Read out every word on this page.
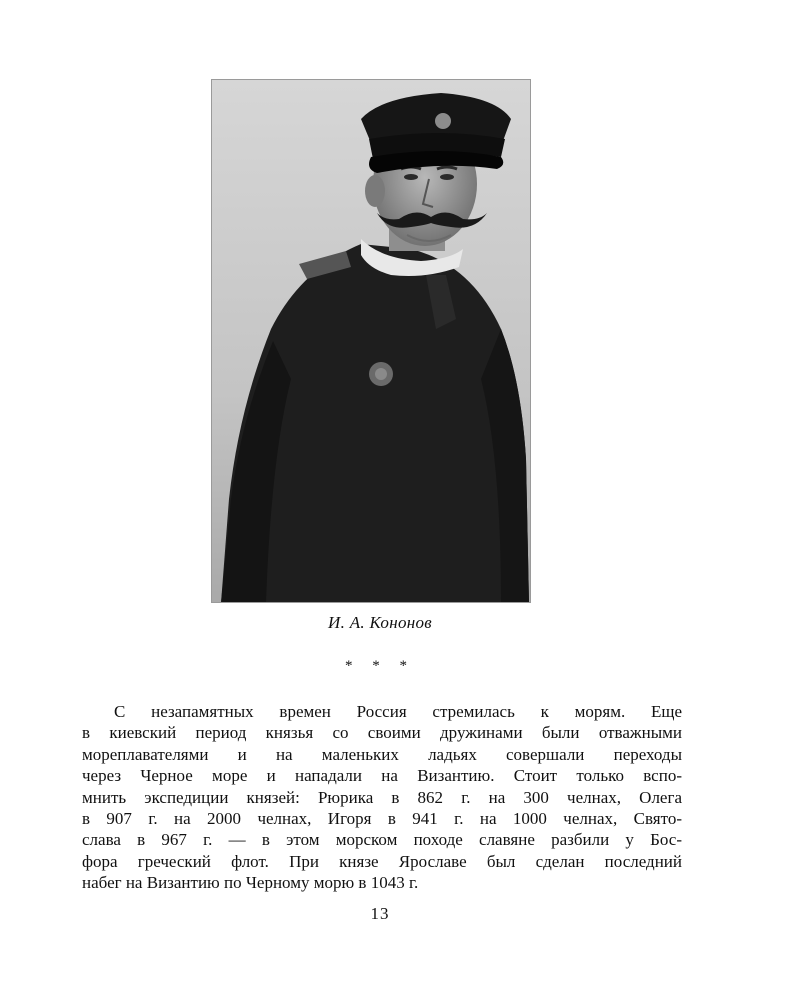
И. А. Кононов
* * *
С незапамятных времен Россия стремилась к морям. Еще
в киевский период князья со своими дружинами были отважными
мореплавателями и на маленьких ладьях совершали переходы
через Черное море и нападали на Византию. Стоит только вспо-
мнить экспедиции князей: Рюрика в 862 г. на 300 челнах, Олега
в 907 г. на 2000 челнах, Игоря в 941 г. на 1000 челнах, Свято-
слава в 967 г. — в этом морском походе славяне разбили у Бос-
фора греческий флот. При князе Ярославе был сделан последний
набег на Византию по Черному морю в 1043 г.
13
